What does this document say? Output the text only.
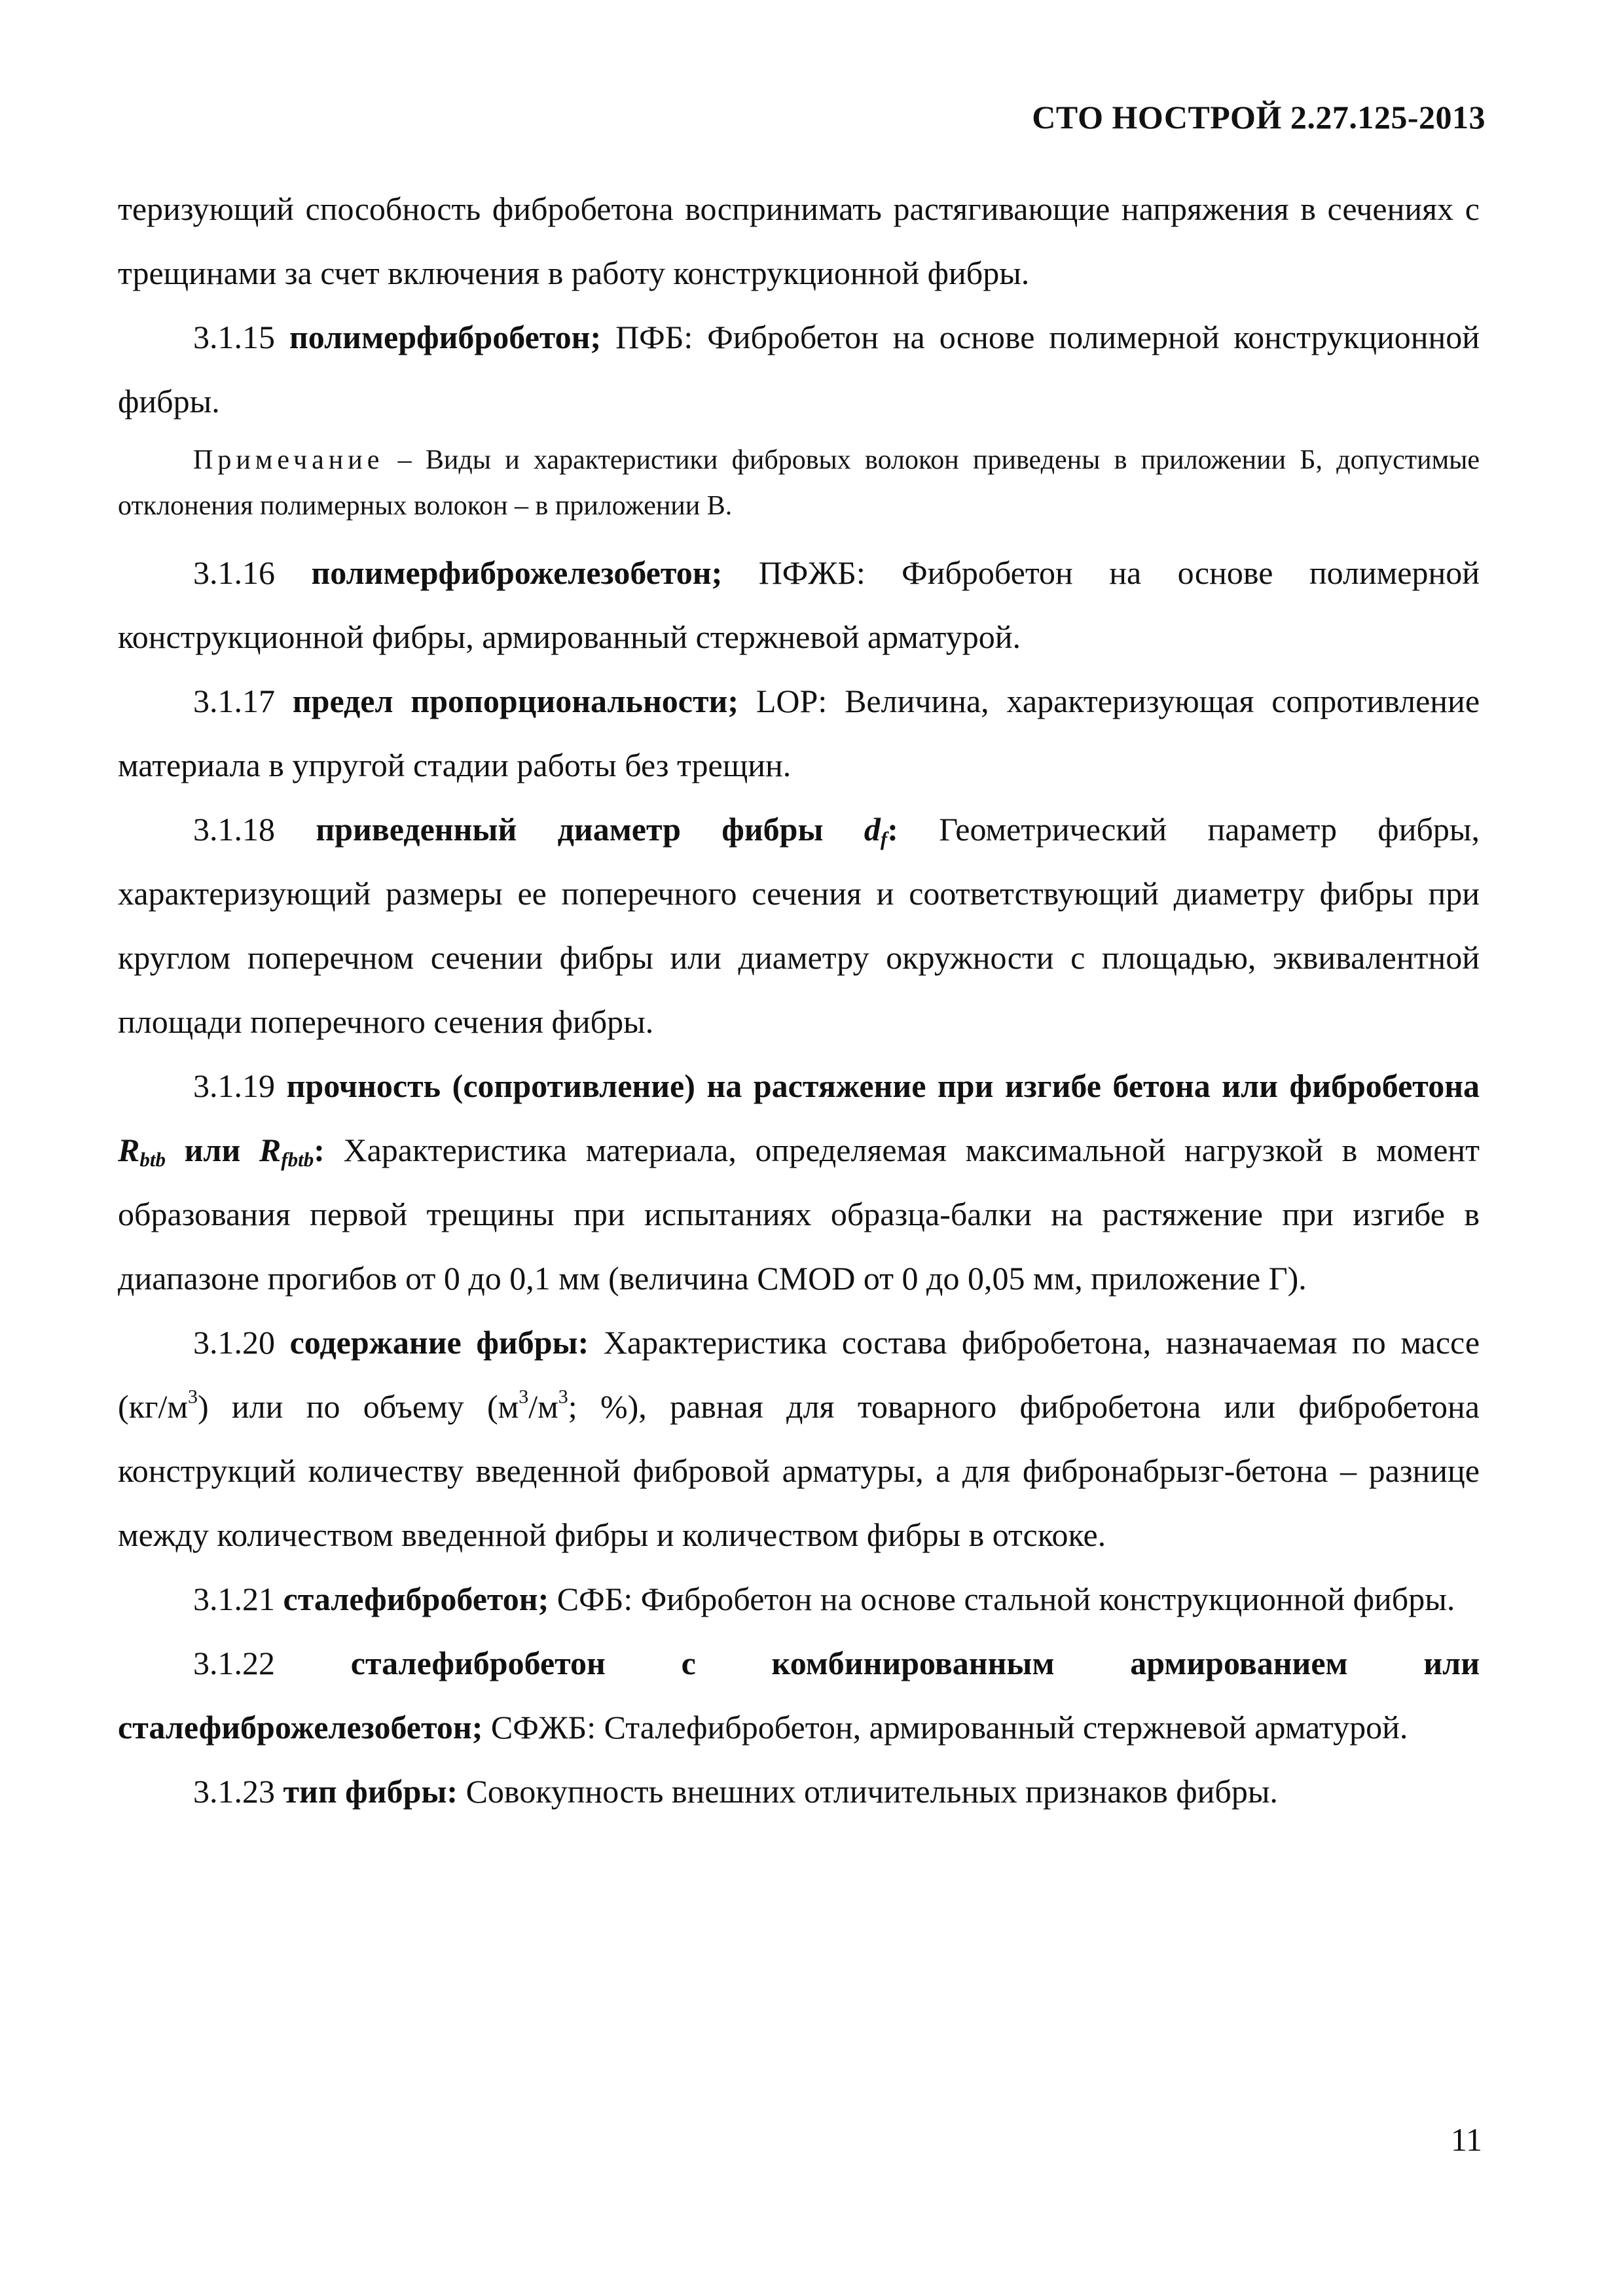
СТО НОСТРОЙ 2.27.125-2013

теризующий способность фибробетона воспринимать растягивающие напряжения в сечениях с трещинами за счет включения в работу конструкционной фибры.

3.1.15 полимерфибробетон; ПФБ: Фибробетон на основе полимерной конструкционной фибры.

Примечание – Виды и характеристики фибровых волокон приведены в приложении Б, допустимые отклонения полимерных волокон – в приложении В.

3.1.16 полимерфиброжелезобетон; ПФЖБ: Фибробетон на основе полимерной конструкционной фибры, армированный стержневой арматурой.

3.1.17 предел пропорциональности; LOP: Величина, характеризующая сопротивление материала в упругой стадии работы без трещин.

3.1.18 приведенный диаметр фибры $d_f$: Геометрический параметр фибры, характеризующий размеры ее поперечного сечения и соответствующий диаметру фибры при круглом поперечном сечении фибры или диаметру окружности с площадью, эквивалентной площади поперечного сечения фибры.

3.1.19 прочность (сопротивление) на растяжение при изгибе бетона или фибробетона $R_{btb}$ или $R_{fbtb}$: Характеристика материала, определяемая максимальной нагрузкой в момент образования первой трещины при испытаниях образца-балки на растяжение при изгибе в диапазоне прогибов от 0 до 0,1 мм (величина CMOD от 0 до 0,05 мм, приложение Г).

3.1.20 содержание фибры: Характеристика состава фибробетона, назначаемая по массе $(кг/м^3)$ или по объему ($м^3/м^3$; %), равная для товарного фибробетона или фибробетона конструкций количеству введенной фибровой арматуры, а для фибронабрызг-бетона – разнице между количеством введенной фибры и количеством фибры в отскоке.

3.1.21 сталефибробетон; СФБ: Фибробетон на основе стальной конструкционной фибры.

3.1.22 сталефибробетон с комбинированным армированием или сталефиброжелезобетон; СФЖБ: Сталефибробетон, армированный стержневой арматурой.

3.1.23 тип фибры: Совокупность внешних отличительных признаков фибры.

11
